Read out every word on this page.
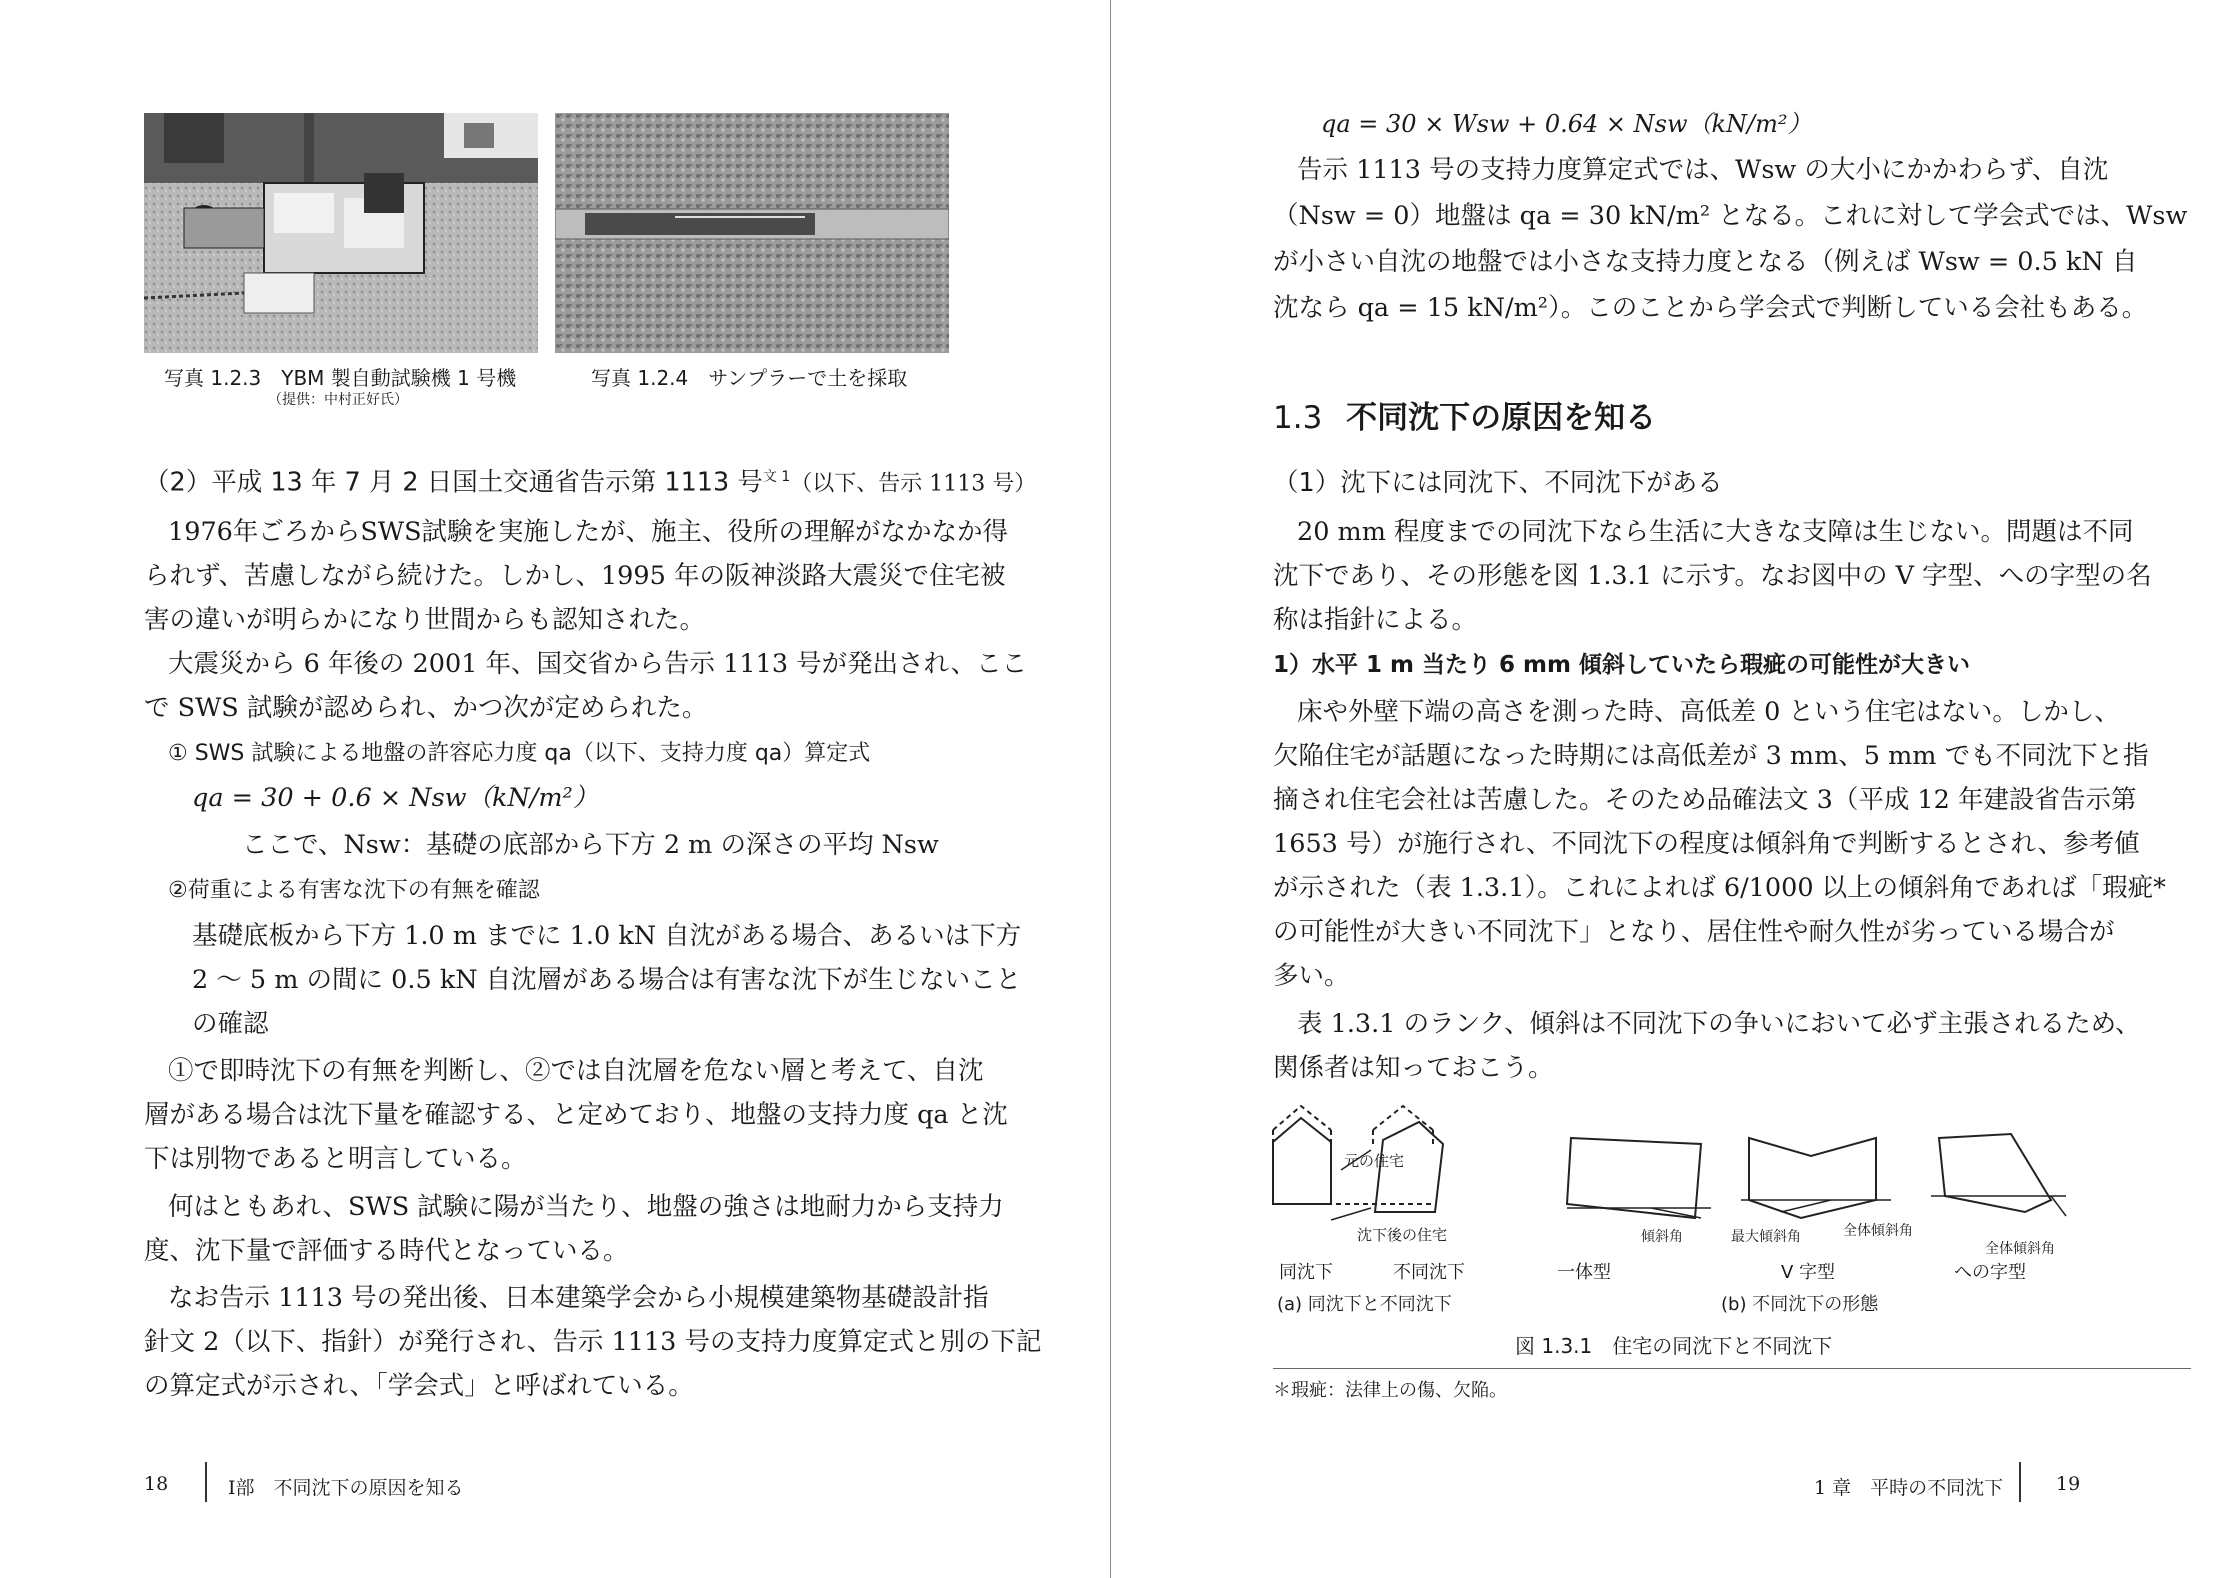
写真 1.2.3　YBM 製自動試験機 1 号機
（提供：中村正好氏）
写真 1.2.4　サンプラーで土を採取
（2）平成 13 年 7 月 2 日国土交通省告示第 1113 号$^{文 1}$（以下、告示 1113 号）
1976年ごろからSWS試験を実施したが、施主、役所の理解がなかなか得
られず、苦慮しながら続けた。しかし、1995 年の阪神淡路大震災で住宅被
害の違いが明らかになり世間からも認知された。
大震災から 6 年後の 2001 年、国交省から告示 1113 号が発出され、ここ
で SWS 試験が認められ、かつ次が定められた。
① SWS 試験による地盤の許容応力度 qa（以下、支持力度 qa）算定式
qa = 30 + 0.6 × Nsw（kN/m²）
ここで、Nsw：基礎の底部から下方 2 m の深さの平均 Nsw
②荷重による有害な沈下の有無を確認
基礎底板から下方 1.0 m までに 1.0 kN 自沈がある場合、あるいは下方
2 〜 5 m の間に 0.5 kN 自沈層がある場合は有害な沈下が生じないこと
の確認
①で即時沈下の有無を判断し、②では自沈層を危ない層と考えて、自沈
層がある場合は沈下量を確認する、と定めており、地盤の支持力度 qa と沈
下は別物であると明言している。
何はともあれ、SWS 試験に陽が当たり、地盤の強さは地耐力から支持力
度、沈下量で評価する時代となっている。
なお告示 1113 号の発出後、日本建築学会から小規模建築物基礎設計指
針文 2（以下、指針）が発行され、告示 1113 号の支持力度算定式と別の下記
の算定式が示され、「学会式」と呼ばれている。
18	Ⅰ部　不同沈下の原因を知る
qa = 30 × Wsw + 0.64 × Nsw（kN/m²）
告示 1113 号の支持力度算定式では、Wsw の大小にかかわらず、自沈
（Nsw = 0）地盤は qa = 30 kN/m² となる。これに対して学会式では、Wsw
が小さい自沈の地盤では小さな支持力度となる（例えば Wsw = 0.5 kN 自
沈なら qa = 15 kN/m²）。このことから学会式で判断している会社もある。
1.3 不同沈下の原因を知る
（1）沈下には同沈下、不同沈下がある
20 mm 程度までの同沈下なら生活に大きな支障は生じない。問題は不同
沈下であり、その形態を図 1.3.1 に示す。なお図中の V 字型、への字型の名
称は指針による。
1）水平 1 m 当たり 6 mm 傾斜していたら瑕疵の可能性が大きい
床や外壁下端の高さを測った時、高低差 0 という住宅はない。しかし、
欠陥住宅が話題になった時期には高低差が 3 mm、5 mm でも不同沈下と指
摘され住宅会社は苦慮した。そのため品確法文 3（平成 12 年建設省告示第
1653 号）が施行され、不同沈下の程度は傾斜角で判断するとされ、参考値
が示された（表 1.3.1）。これによれば 6/1000 以上の傾斜角であれば「瑕疵*
の可能性が大きい不同沈下」となり、居住性や耐久性が劣っている場合が
多い。
表 1.3.1 のランク、傾斜は不同沈下の争いにおいて必ず主張されるため、
関係者は知っておこう。
元の住宅
沈下後の住宅
同沈下	不同沈下
(a) 同沈下と不同沈下
一体型
傾斜角	最大傾斜角	全体傾斜角
V 字型
全体傾斜角
への字型
(b) 不同沈下の形態
図 1.3.1　住宅の同沈下と不同沈下
＊瑕疵：法律上の傷、欠陥。
1 章　平時の不同沈下	19
